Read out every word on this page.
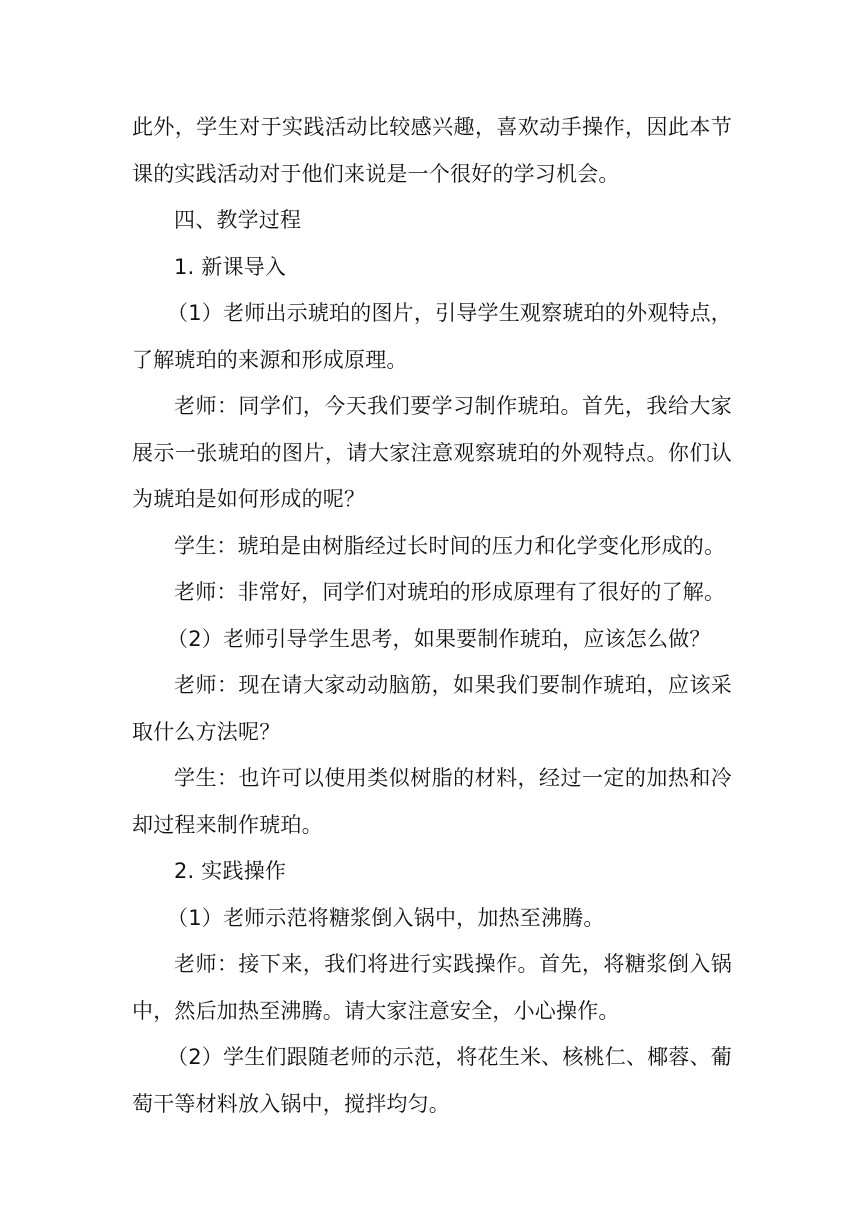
此外，学生对于实践活动比较感兴趣，喜欢动手操作，因此本节课的实践活动对于他们来说是一个很好的学习机会。

四、教学过程

1. 新课导入

（1）老师出示琥珀的图片，引导学生观察琥珀的外观特点，了解琥珀的来源和形成原理。

老师：同学们，今天我们要学习制作琥珀。首先，我给大家展示一张琥珀的图片，请大家注意观察琥珀的外观特点。你们认为琥珀是如何形成的呢？

学生：琥珀是由树脂经过长时间的压力和化学变化形成的。

老师：非常好，同学们对琥珀的形成原理有了很好的了解。

（2）老师引导学生思考，如果要制作琥珀，应该怎么做？

老师：现在请大家动动脑筋，如果我们要制作琥珀，应该采取什么方法呢？

学生：也许可以使用类似树脂的材料，经过一定的加热和冷却过程来制作琥珀。

2. 实践操作

（1）老师示范将糖浆倒入锅中，加热至沸腾。

老师：接下来，我们将进行实践操作。首先，将糖浆倒入锅中，然后加热至沸腾。请大家注意安全，小心操作。

（2）学生们跟随老师的示范，将花生米、核桃仁、椰蓉、葡萄干等材料放入锅中，搅拌均匀。
